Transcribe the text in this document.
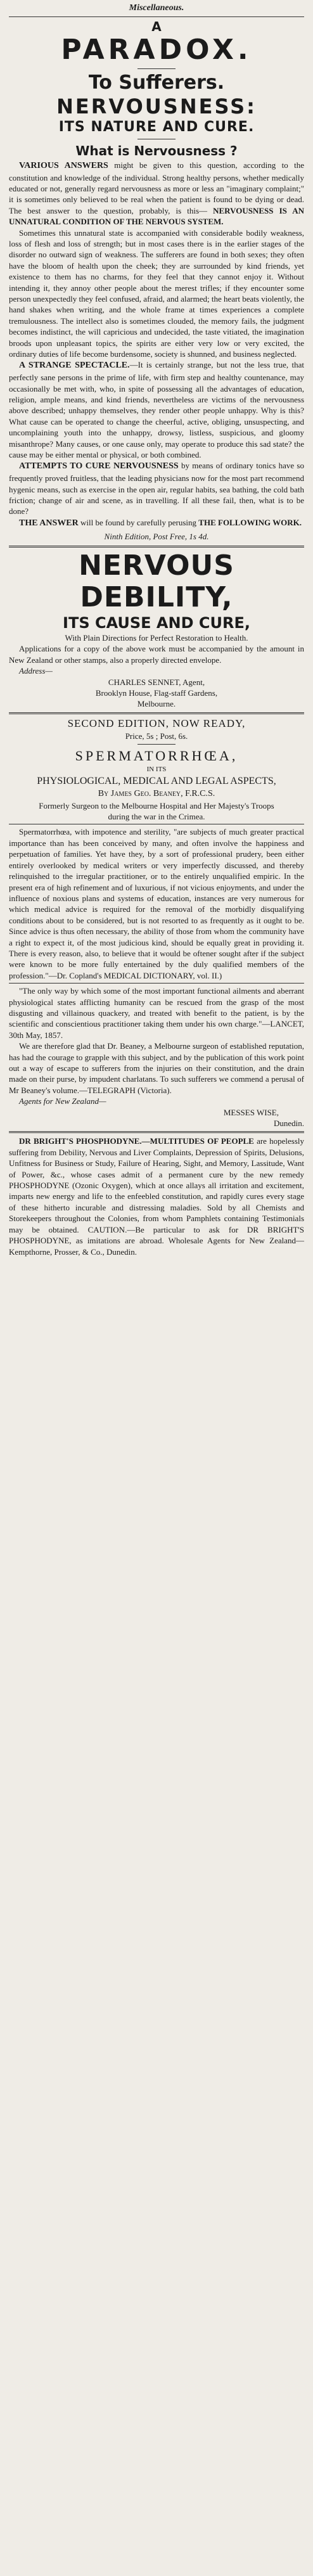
Miscellaneous.

A
PARADOX.
To Sufferers.
NERVOUSNESS:
ITS NATURE AND CURE.
What is Nervousness ?

VARIOUS ANSWERS might be given to this question, according to the constitution and knowledge of the individual. Strong healthy persons, whether medically educated or not, generally regard nervousness as more or less an "imaginary complaint;" it is sometimes only believed to be real when the patient is found to be dying or dead. The best answer to the question, probably, is this— NERVOUSNESS IS AN UNNATURAL CONDITION OF THE NERVOUS SYSTEM.

Sometimes this unnatural state is accompanied with considerable bodily weakness, loss of flesh and loss of strength; but in most cases there is in the earlier stages of the disorder no outward sign of weakness. The sufferers are found in both sexes; they often have the bloom of health upon the cheek; they are surrounded by kind friends, yet existence to them has no charms, for they feel that they cannot enjoy it. Without intending it, they annoy other people about the merest trifles; if they encounter some person unexpectedly they feel confused, afraid, and alarmed; the heart beats violently, the hand shakes when writing, and the whole frame at times experiences a complete tremulousness. The intellect also is sometimes clouded, the memory fails, the judgment becomes indistinct, the will capricious and undecided, the taste vitiated, the imagination broods upon unpleasant topics, the spirits are either very low or very excited, the ordinary duties of life become burdensome, society is shunned, and business neglected.

A STRANGE SPECTACLE.—It is certainly strange, but not the less true, that perfectly sane persons in the prime of life, with firm step and healthy countenance, may occasionally be met with, who, in spite of possessing all the advantages of education, religion, ample means, and kind friends, nevertheless are victims of the nervousness above described; unhappy themselves, they render other people unhappy. Why is this? What cause can be operated to change the cheerful, active, obliging, unsuspecting, and uncomplaining youth into the unhappy, drowsy, listless, suspicious, and gloomy misanthrope? Many causes, or one cause only, may operate to produce this sad state? the cause may be either mental or physical, or both combined.

ATTEMPTS TO CURE NERVOUSNESS by means of ordinary tonics have so frequently proved fruitless, that the leading physicians now for the most part recommend hygenic means, such as exercise in the open air, regular habits, sea bathing, the cold bath friction; change of air and scene, as in travelling. If all these fail, then, what is to be done?

THE ANSWER will be found by carefully perusing THE FOLLOWING WORK.

Ninth Edition, Post Free, 1s 4d.

NERVOUS DEBILITY,
ITS CAUSE AND CURE,

With Plain Directions for Perfect Restoration to Health.

Applications for a copy of the above work must be accompanied by the amount in New Zealand or other stamps, also a properly directed envelope.

Address—

CHARLES SENNET, Agent,

Brooklyn House, Flag-staff Gardens,

Melbourne.

SECOND EDITION, NOW READY,

Price, 5s ; Post, 6s.

SPERMATORRHŒA,

IN ITS

PHYSIOLOGICAL, MEDICAL AND LEGAL ASPECTS,

By James Geo. Beaney, F.R.C.S.

Formerly Surgeon to the Melbourne Hospital and Her Majesty's Troops during the war in the Crimea.

Spermatorrhœa, with impotence and sterility, "are subjects of much greater practical importance than has been conceived by many, and often involve the happiness and perpetuation of families. Yet have they, by a sort of professional prudery, been either entirely overlooked by medical writers or very imperfectly discussed, and thereby relinquished to the irregular practitioner, or to the entirely unqualified empiric. In the present era of high refinement and of luxurious, if not vicious enjoyments, and under the influence of noxious plans and systems of education, instances are very numerous for which medical advice is required for the removal of the morbidly disqualifying conditions about to be considered, but is not resorted to as frequently as it ought to be. Since advice is thus often necessary, the ability of those from whom the community have a right to expect it, of the most judicious kind, should be equally great in providing it. There is every reason, also, to believe that it would be oftener sought after if the subject were known to be more fully entertained by the duly qualified members of the profession."—Dr. Copland's MEDICAL DICTIONARY, vol. II.)

"The only way by which some of the most important functional ailments and aberrant physiological states afflicting humanity can be rescued from the grasp of the most disgusting and villainous quackery, and treated with benefit to the patient, is by the scientific and conscientious practitioner taking them under his own charge."—LANCET, 30th May, 1857.

We are therefore glad that Dr. Beaney, a Melbourne surgeon of established reputation, has had the courage to grapple with this subject, and by the publication of this work point out a way of escape to sufferers from the injuries on their constitution, and the drain made on their purse, by impudent charlatans. To such sufferers we commend a perusal of Mr Beaney's volume.—TELEGRAPH (Victoria).

Agents for New Zealand—

MESSES WISE,

Dunedin.

DR BRIGHT'S PHOSPHODYNE.—MULTITUDES OF PEOPLE are hopelessly suffering from Debility, Nervous and Liver Complaints, Depression of Spirits, Delusions, Unfitness for Business or Study, Failure of Hearing, Sight, and Memory, Lassitude, Want of Power, &c., whose cases admit of a permanent cure by the new remedy PHOSPHODYNE (Ozonic Oxygen), which at once allays all irritation and excitement, imparts new energy and life to the enfeebled constitution, and rapidly cures every stage of these hitherto incurable and distressing maladies. Sold by all Chemists and Storekeepers throughout the Colonies, from whom Pamphlets containing Testimonials may be obtained. CAUTION.—Be particular to ask for DR BRIGHT'S PHOSPHODYNE, as imitations are abroad. Wholesale Agents for New Zealand—Kempthorne, Prosser, & Co., Dunedin.
